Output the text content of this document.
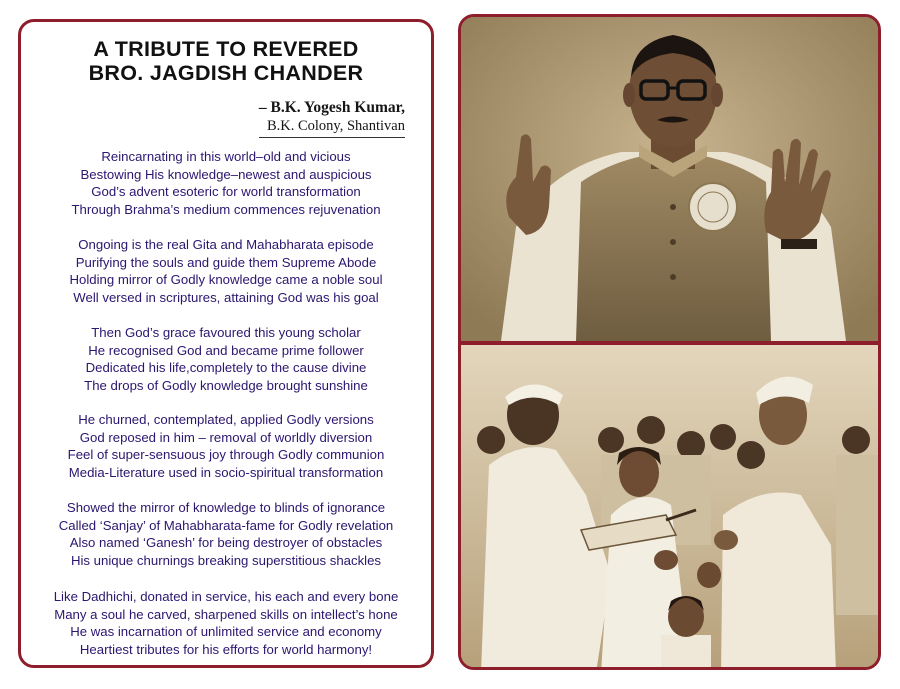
A TRIBUTE TO REVERED
BRO. JAGDISH CHANDER
– B.K. Yogesh Kumar,
B.K. Colony, Shantivan
Reincarnating in this world–old and vicious
Bestowing His knowledge–newest and auspicious
God’s advent esoteric for world transformation
Through Brahma’s medium commences rejuvenation
Ongoing is the real Gita and Mahabharata episode
Purifying the souls and guide them Supreme Abode
Holding mirror of Godly knowledge came a noble soul
Well versed in scriptures, attaining God was his goal
Then God’s grace favoured this young scholar
He recognised God and became prime follower
Dedicated his life,completely to the cause divine
The drops of Godly knowledge brought sunshine
He churned, contemplated, applied Godly versions
God reposed in him – removal of worldly diversion
Feel of super-sensuous joy through Godly communion
Media-Literature used in socio-spiritual transformation
Showed the mirror of knowledge to blinds of ignorance
Called ‘Sanjay’ of Mahabharata-fame for Godly revelation
Also named ‘Ganesh’ for being destroyer of obstacles
His unique churnings breaking superstitious shackles
Like Dadhichi, donated in service, his each and every bone
Many a soul he carved, sharpened skills on intellect’s hone
He was incarnation of unlimited service and economy
Heartiest tributes for his efforts for world harmony!
